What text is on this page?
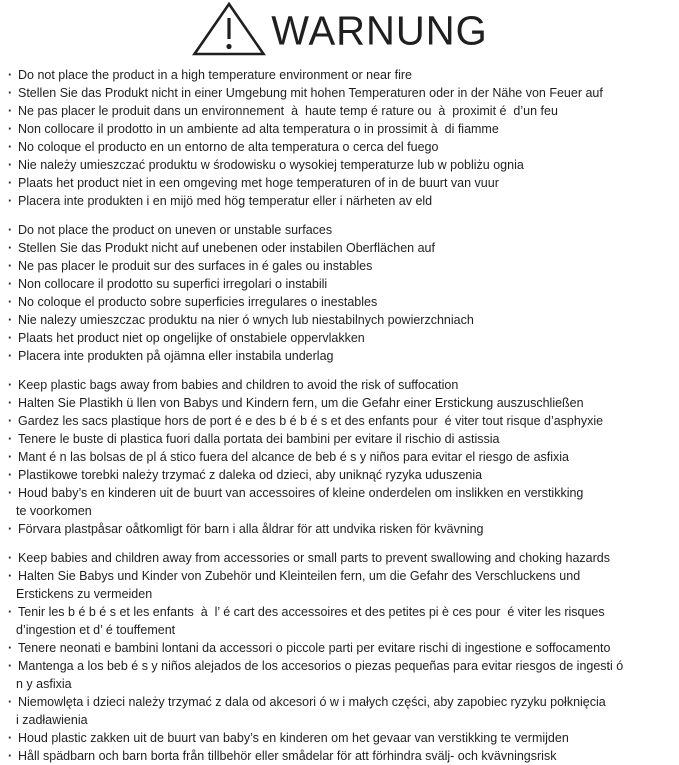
WARNUNG
· Do not place the product in a high temperature environment or near fire
· Stellen Sie das Produkt nicht in einer Umgebung mit hohen Temperaturen oder in der Nähe von Feuer auf
· Ne pas placer le produit dans un environnement  à  haute temp é rature ou  à  proximit é  d’un feu
· Non collocare il prodotto in un ambiente ad alta temperatura o in prossimit à  di fiamme
· No coloque el producto en un entorno de alta temperatura o cerca del fuego
· Nie należy umieszczać produktu w środowisku o wysokiej temperaturze lub w pobliżu ognia
· Plaats het product niet in een omgeving met hoge temperaturen of in de buurt van vuur
· Placera inte produkten i en mijö med hög temperatur eller i närheten av eld
· Do not place the product on uneven or unstable surfaces
· Stellen Sie das Produkt nicht auf unebenen oder instabilen Oberflächen auf
· Ne pas placer le produit sur des surfaces in é gales ou instables
· Non collocare il prodotto su superfici irregolari o instabili
· No coloque el producto sobre superficies irregulares o inestables
· Nie nalezy umieszczac produktu na nier ó wnych lub niestabilnych powierzchniach
· Plaats het product niet op ongelijke of onstabiele oppervlakken
· Placera inte produkten på ojämna eller instabila underlag
· Keep plastic bags away from babies and children to avoid the risk of suffocation
· Halten Sie Plastikh ü llen von Babys und Kindern fern, um die Gefahr einer Erstickung auszuschließen
· Gardez les sacs plastique hors de port é e des b é b é s et des enfants pour  é viter tout risque d’asphyxie
· Tenere le buste di plastica fuori dalla portata dei bambini per evitare il rischio di astissia
· Mant é n las bolsas de pl á stico fuera del alcance de beb é s y niños para evitar el riesgo de asfixia
· Plastikowe torebki należy trzymać z daleka od dzieci, aby uniknąć ryzyka uduszenia
· Houd baby’s en kinderen uit de buurt van accessoires of kleine onderdelen om inslikken en verstikking
te voorkomen
· Förvara plastpåsar oåtkomligt för barn i alla åldrar för att undvika risken för kvävning
· Keep babies and children away from accessories or small parts to prevent swallowing and choking hazards
· Halten Sie Babys und Kinder von Zubehör und Kleinteilen fern, um die Gefahr des Verschluckens und
Erstickens zu vermeiden
· Tenir les b é b é s et les enfants  à  l’ é cart des accessoires et des petites pi è ces pour  é viter les risques
d’ingestion et d’ é touffement
· Tenere neonati e bambini lontani da accessori o piccole parti per evitare rischi di ingestione e soffocamento
· Mantenga a los beb é s y niños alejados de los accesorios o piezas pequeñas para evitar riesgos de ingesti ó
n y asfixia
· Niemowlęta i dzieci należy trzymać z dala od akcesori ó w i małych części, aby zapobiec ryzyku połknięcia
i zadławienia
· Houd plastic zakken uit de buurt van baby’s en kinderen om het gevaar van verstikking te vermijden
· Håll spädbarn och barn borta från tillbehör eller smådelar för att förhindra svälj- och kvävningsrisk
